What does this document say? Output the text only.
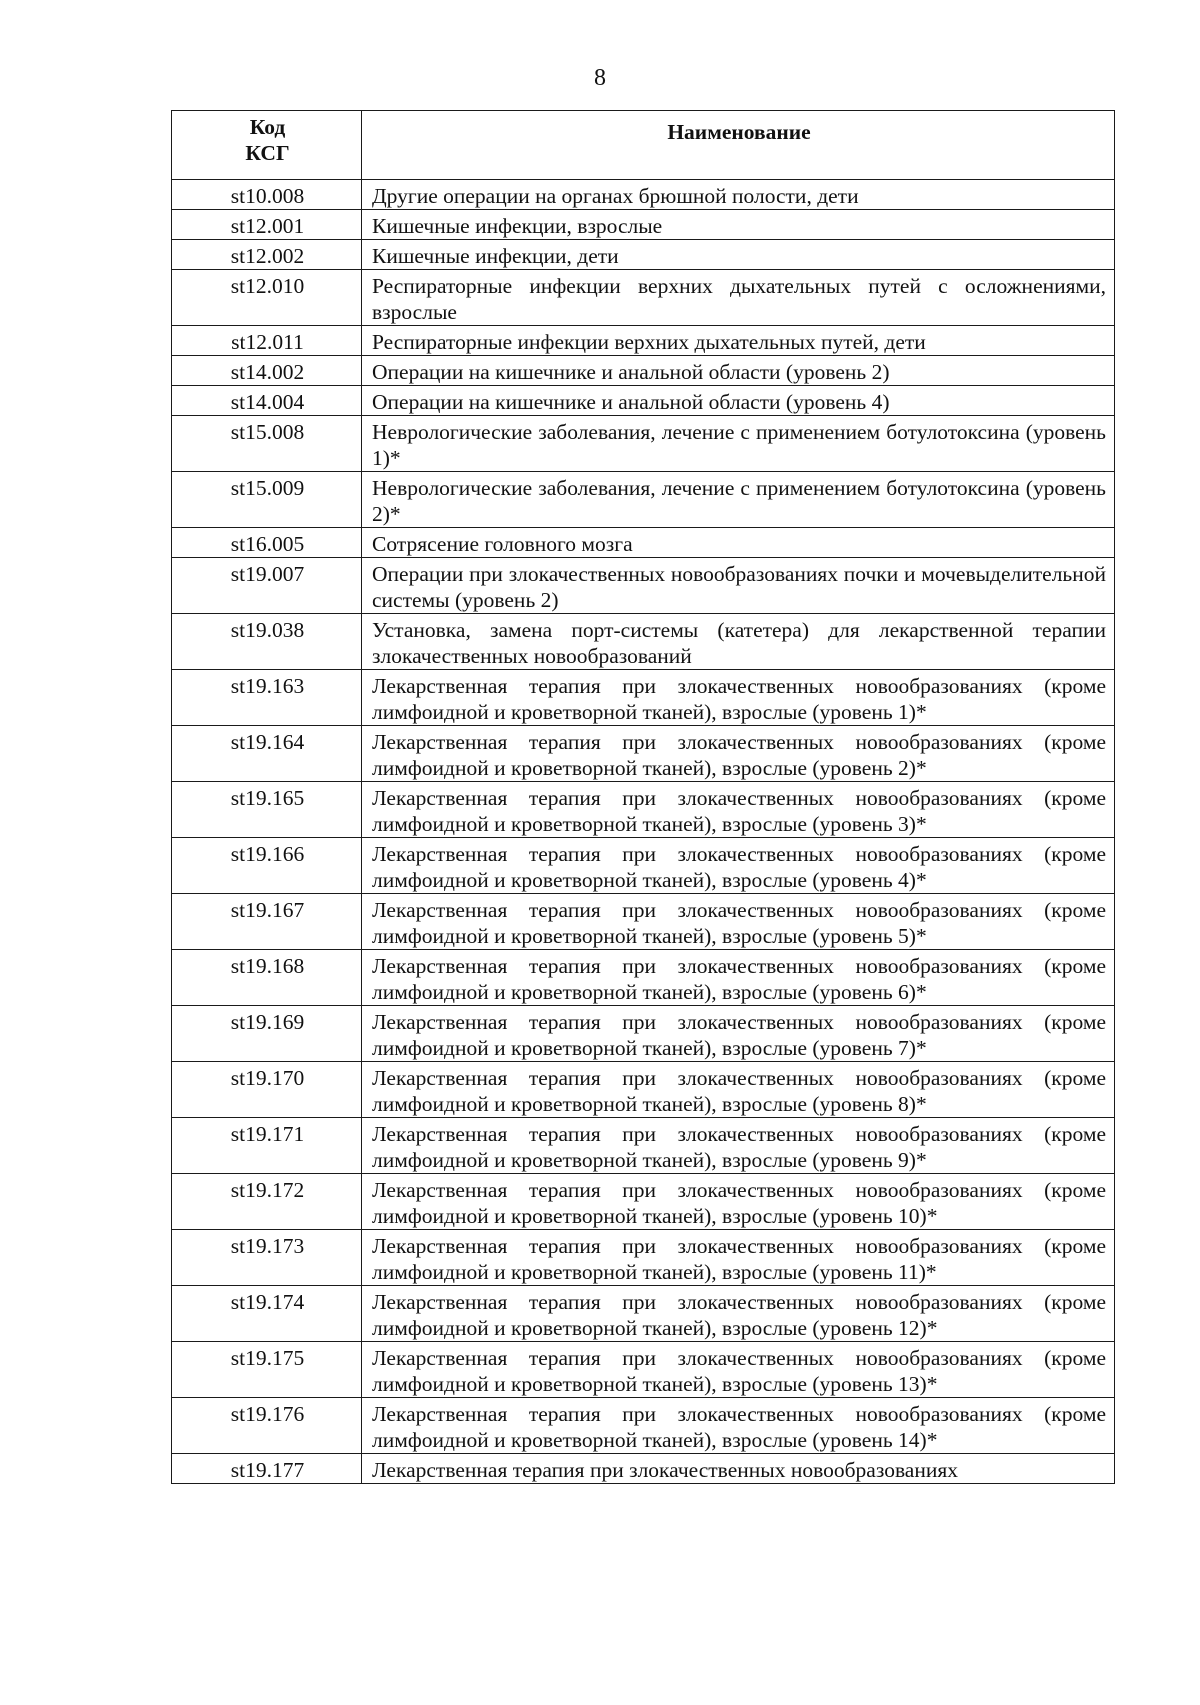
8
Код
КСГ	Наименование
st10.008	Другие операции на органах брюшной полости, дети
st12.001	Кишечные инфекции, взрослые
st12.002	Кишечные инфекции, дети
st12.010	Респираторные инфекции верхних дыхательных путей с осложнениями, взрослые
st12.011	Респираторные инфекции верхних дыхательных путей, дети
st14.002	Операции на кишечнике и анальной области (уровень 2)
st14.004	Операции на кишечнике и анальной области (уровень 4)
st15.008	Неврологические заболевания, лечение с применением ботулотоксина (уровень 1)*
st15.009	Неврологические заболевания, лечение с применением ботулотоксина (уровень 2)*
st16.005	Сотрясение головного мозга
st19.007	Операции при злокачественных новообразованиях почки и мочевыделительной системы (уровень 2)
st19.038	Установка, замена порт-системы (катетера) для лекарственной терапии злокачественных новообразований
st19.163	Лекарственная терапия при злокачественных новообразованиях (кроме лимфоидной и кроветворной тканей), взрослые (уровень 1)*
st19.164	Лекарственная терапия при злокачественных новообразованиях (кроме лимфоидной и кроветворной тканей), взрослые (уровень 2)*
st19.165	Лекарственная терапия при злокачественных новообразованиях (кроме лимфоидной и кроветворной тканей), взрослые (уровень 3)*
st19.166	Лекарственная терапия при злокачественных новообразованиях (кроме лимфоидной и кроветворной тканей), взрослые (уровень 4)*
st19.167	Лекарственная терапия при злокачественных новообразованиях (кроме лимфоидной и кроветворной тканей), взрослые (уровень 5)*
st19.168	Лекарственная терапия при злокачественных новообразованиях (кроме лимфоидной и кроветворной тканей), взрослые (уровень 6)*
st19.169	Лекарственная терапия при злокачественных новообразованиях (кроме лимфоидной и кроветворной тканей), взрослые (уровень 7)*
st19.170	Лекарственная терапия при злокачественных новообразованиях (кроме лимфоидной и кроветворной тканей), взрослые (уровень 8)*
st19.171	Лекарственная терапия при злокачественных новообразованиях (кроме лимфоидной и кроветворной тканей), взрослые (уровень 9)*
st19.172	Лекарственная терапия при злокачественных новообразованиях (кроме лимфоидной и кроветворной тканей), взрослые (уровень 10)*
st19.173	Лекарственная терапия при злокачественных новообразованиях (кроме лимфоидной и кроветворной тканей), взрослые (уровень 11)*
st19.174	Лекарственная терапия при злокачественных новообразованиях (кроме лимфоидной и кроветворной тканей), взрослые (уровень 12)*
st19.175	Лекарственная терапия при злокачественных новообразованиях (кроме лимфоидной и кроветворной тканей), взрослые (уровень 13)*
st19.176	Лекарственная терапия при злокачественных новообразованиях (кроме лимфоидной и кроветворной тканей), взрослые (уровень 14)*
st19.177	Лекарственная терапия при злокачественных новообразованиях
